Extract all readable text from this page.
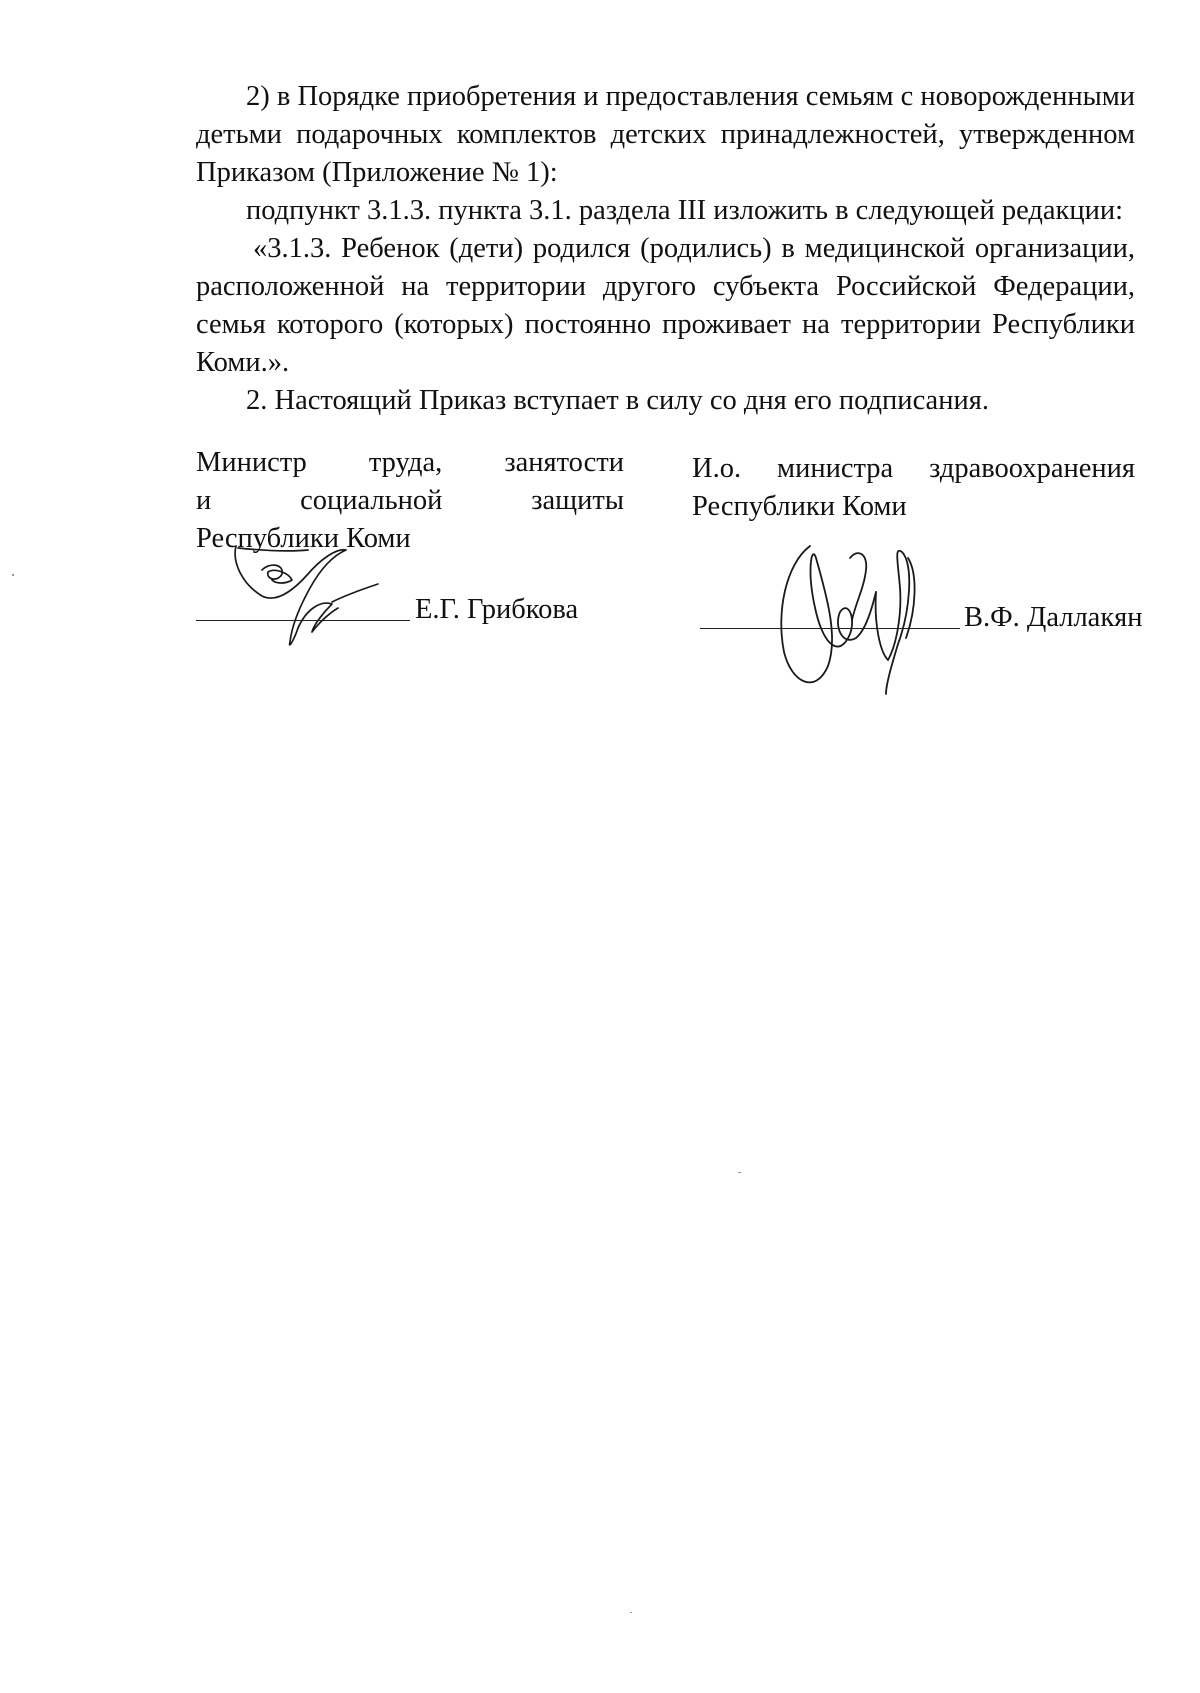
2) в Порядке приобретения и предоставления семьям с новорожденными детьми подарочных комплектов детских принадлежностей, утвержденном Приказом (Приложение № 1):

подпункт 3.1.3. пункта 3.1. раздела III изложить в следующей редакции:

«3.1.3. Ребенок (дети) родился (родились) в медицинской организации, расположенной на территории другого субъекта Российской Федерации, семья которого (которых) постоянно проживает на территории Республики Коми.».

2. Настоящий Приказ вступает в силу со дня его подписания.

Министр труда, занятости
и социальной защиты
Республики Коми
Е.Г. Грибкова
И.о. министра здравоохранения
Республики Коми
В.Ф. Даллакян
